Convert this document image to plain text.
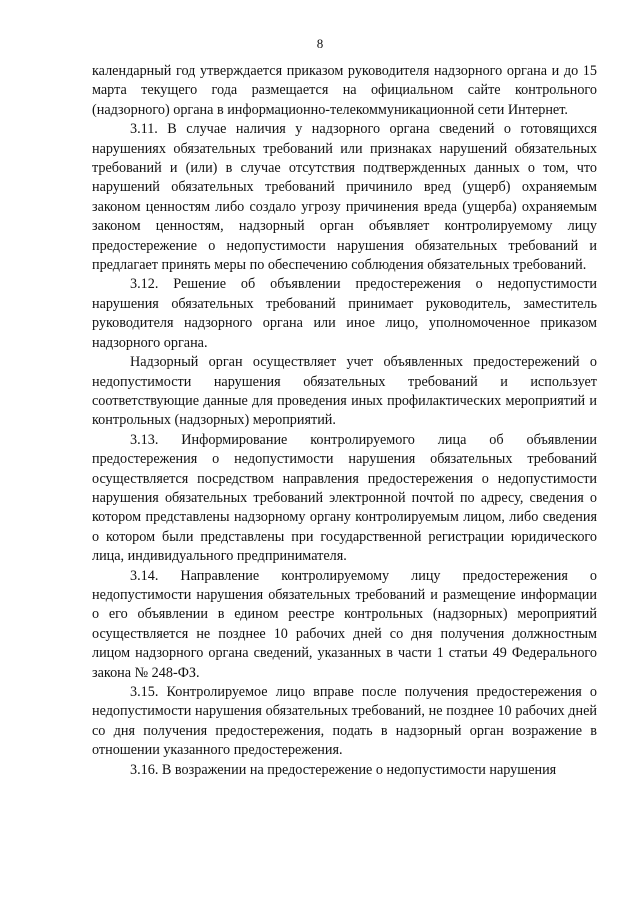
8

календарный год утверждается приказом руководителя надзорного органа и до 15 марта текущего года размещается на официальном сайте контрольного (надзорного) органа в информационно-телекоммуникационной сети Интернет.

3.11. В случае наличия у надзорного органа сведений о готовящихся нарушениях обязательных требований или признаках нарушений обязательных требований и (или) в случае отсутствия подтвержденных данных о том, что нарушений обязательных требований причинило вред (ущерб) охраняемым законом ценностям либо создало угрозу причинения вреда (ущерба) охраняемым законом ценностям, надзорный орган объявляет контролируемому лицу предостережение о недопустимости нарушения обязательных требований и предлагает принять меры по обеспечению соблюдения обязательных требований.

3.12. Решение об объявлении предостережения о недопустимости нарушения обязательных требований принимает руководитель, заместитель руководителя надзорного органа или иное лицо, уполномоченное приказом надзорного органа.

Надзорный орган осуществляет учет объявленных предостережений о недопустимости нарушения обязательных требований и использует соответствующие данные для проведения иных профилактических мероприятий и контрольных (надзорных) мероприятий.

3.13. Информирование контролируемого лица об объявлении предостережения о недопустимости нарушения обязательных требований осуществляется посредством направления предостережения о недопустимости нарушения обязательных требований электронной почтой по адресу, сведения о котором представлены надзорному органу контролируемым лицом, либо сведения о котором были представлены при государственной регистрации юридического лица, индивидуального предпринимателя.

3.14. Направление контролируемому лицу предостережения о недопустимости нарушения обязательных требований и размещение информации о его объявлении в едином реестре контрольных (надзорных) мероприятий осуществляется не позднее 10 рабочих дней со дня получения должностным лицом надзорного органа сведений, указанных в части 1 статьи 49 Федерального закона № 248-ФЗ.

3.15. Контролируемое лицо вправе после получения предостережения о недопустимости нарушения обязательных требований, не позднее 10 рабочих дней со дня получения предостережения, подать в надзорный орган возражение в отношении указанного предостережения.

3.16. В возражении на предостережение о недопустимости нарушения
